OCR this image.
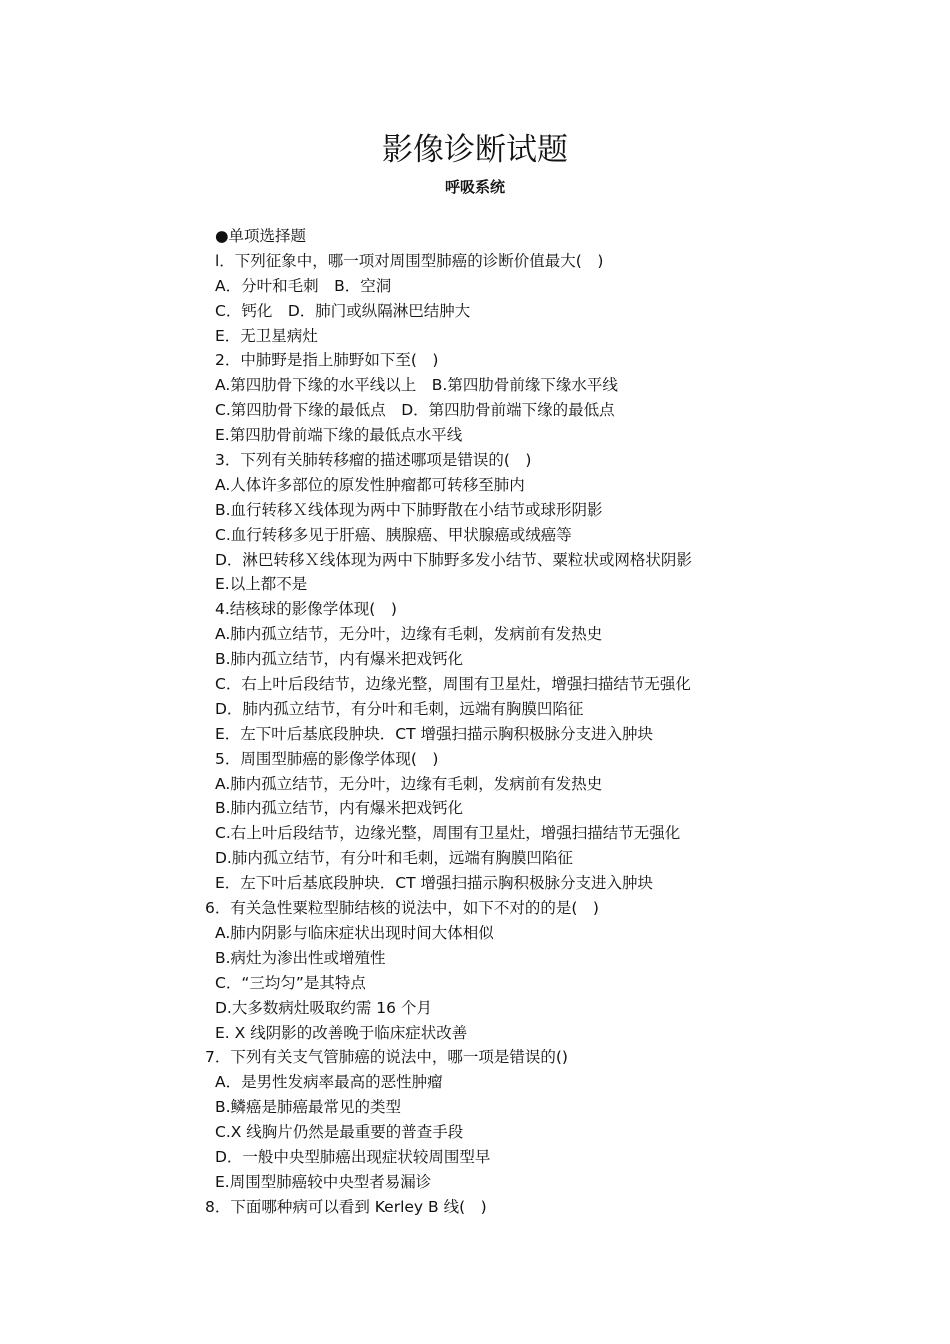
影像诊断试题
呼吸系统
●单项选择题
l．下列征象中，哪一项对周围型肺癌的诊断价值最大(　)
A．分叶和毛刺　B．空洞
C．钙化　D．肺门或纵隔淋巴结肿大
E．无卫星病灶
2．中肺野是指上肺野如下至(　)
A.第四肋骨下缘的水平线以上　B.第四肋骨前缘下缘水平线
C.第四肋骨下缘的最低点　D．第四肋骨前端下缘的最低点
E.第四肋骨前端下缘的最低点水平线
3．下列有关肺转移瘤的描述哪项是错误的(　)
A.人体许多部位的原发性肿瘤都可转移至肺内
B.血行转移Ｘ线体现为两中下肺野散在小结节或球形阴影
C.血行转移多见于肝癌、胰腺癌、甲状腺癌或绒癌等
D．淋巴转移Ｘ线体现为两中下肺野多发小结节、粟粒状或网格状阴影
E.以上都不是
4.结核球的影像学体现(　)
A.肺内孤立结节，无分叶，边缘有毛刺，发病前有发热史
B.肺内孤立结节，内有爆米把戏钙化
C．右上叶后段结节，边缘光整，周围有卫星灶，增强扫描结节无强化
D．肺内孤立结节，有分叶和毛刺，远端有胸膜凹陷征
E．左下叶后基底段肿块．CT 增强扫描示胸积极脉分支进入肿块
5．周围型肺癌的影像学体现(　)
A.肺内孤立结节，无分叶，边缘有毛刺，发病前有发热史
B.肺内孤立结节，内有爆米把戏钙化
C.右上叶后段结节，边缘光整，周围有卫星灶，增强扫描结节无强化
D.肺内孤立结节，有分叶和毛刺，远端有胸膜凹陷征
E．左下叶后基底段肿块．CT 增强扫描示胸积极脉分支进入肿块
6．有关急性粟粒型肺结核的说法中，如下不对的的是(　)
A.肺内阴影与临床症状出现时间大体相似
B.病灶为渗出性或增殖性
C．“三均匀”是其特点
D.大多数病灶吸取约需 16 个月
E. X 线阴影的改善晚于临床症状改善
7．下列有关支气管肺癌的说法中，哪一项是错误的()
A．是男性发病率最高的恶性肿瘤
B.鳞癌是肺癌最常见的类型
C.X 线胸片仍然是最重要的普查手段
D．一般中央型肺癌出现症状较周围型早
E.周围型肺癌较中央型者易漏诊
8．下面哪种病可以看到 Kerley B 线(　)
